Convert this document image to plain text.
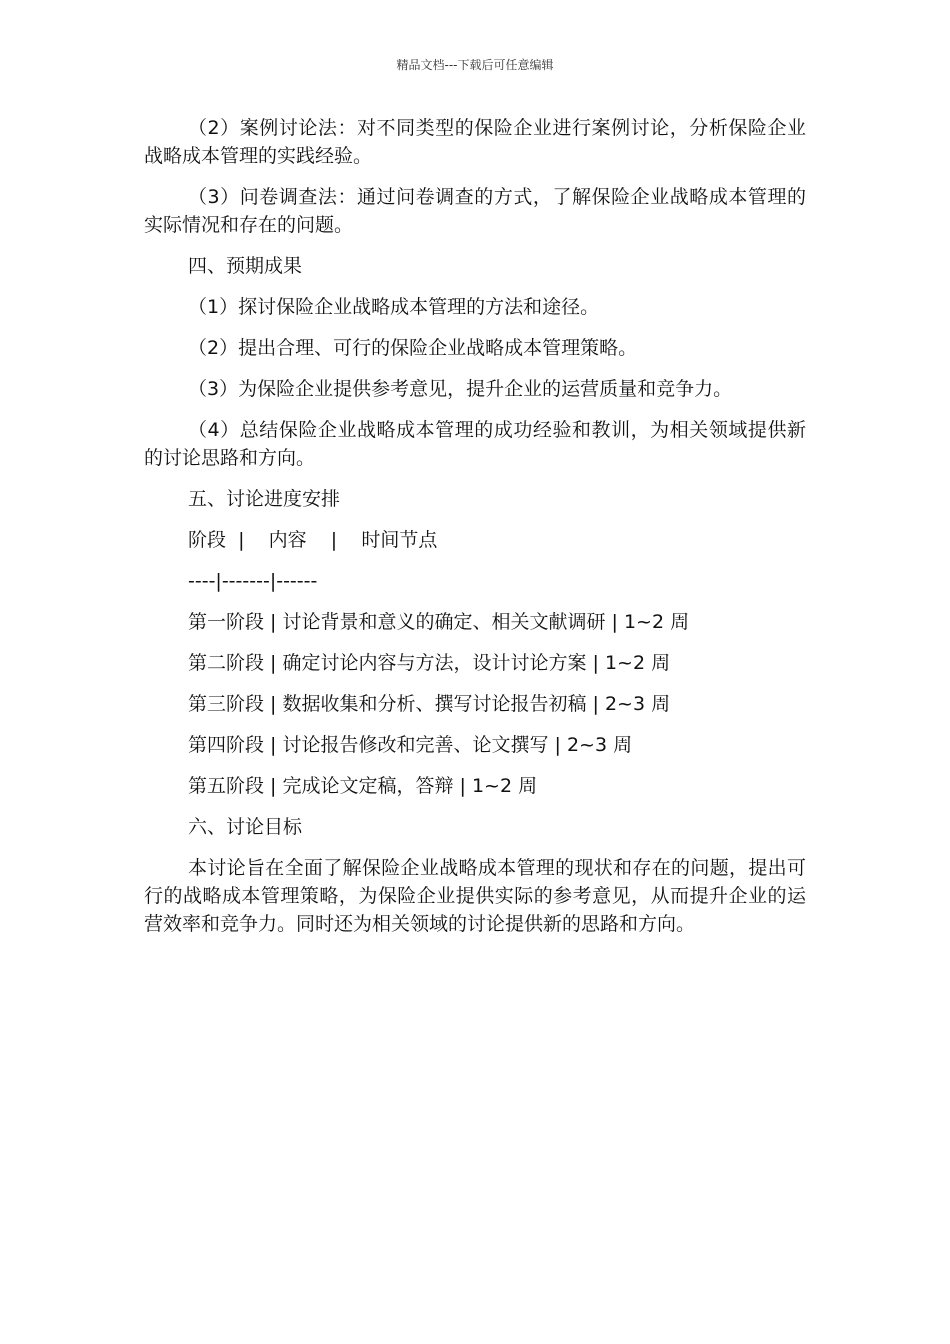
精品文档---下载后可任意编辑

（2）案例讨论法：对不同类型的保险企业进行案例讨论，分析保险企业战略成本管理的实践经验。

（3）问卷调查法：通过问卷调查的方式，了解保险企业战略成本管理的实际情况和存在的问题。

四、预期成果

（1）探讨保险企业战略成本管理的方法和途径。

（2）提出合理、可行的保险企业战略成本管理策略。

（3）为保险企业提供参考意见，提升企业的运营质量和竞争力。

（4）总结保险企业战略成本管理的成功经验和教训，为相关领域提供新的讨论思路和方向。

五、讨论进度安排

阶段  |    内容    |    时间节点

----|-------|------

第一阶段 | 讨论背景和意义的确定、相关文献调研 | 1~2 周

第二阶段 | 确定讨论内容与方法，设计讨论方案 | 1~2 周

第三阶段 | 数据收集和分析、撰写讨论报告初稿 | 2~3 周

第四阶段 | 讨论报告修改和完善、论文撰写 | 2~3 周

第五阶段 | 完成论文定稿，答辩 | 1~2 周

六、讨论目标

本讨论旨在全面了解保险企业战略成本管理的现状和存在的问题，提出可行的战略成本管理策略，为保险企业提供实际的参考意见，从而提升企业的运营效率和竞争力。同时还为相关领域的讨论提供新的思路和方向。
